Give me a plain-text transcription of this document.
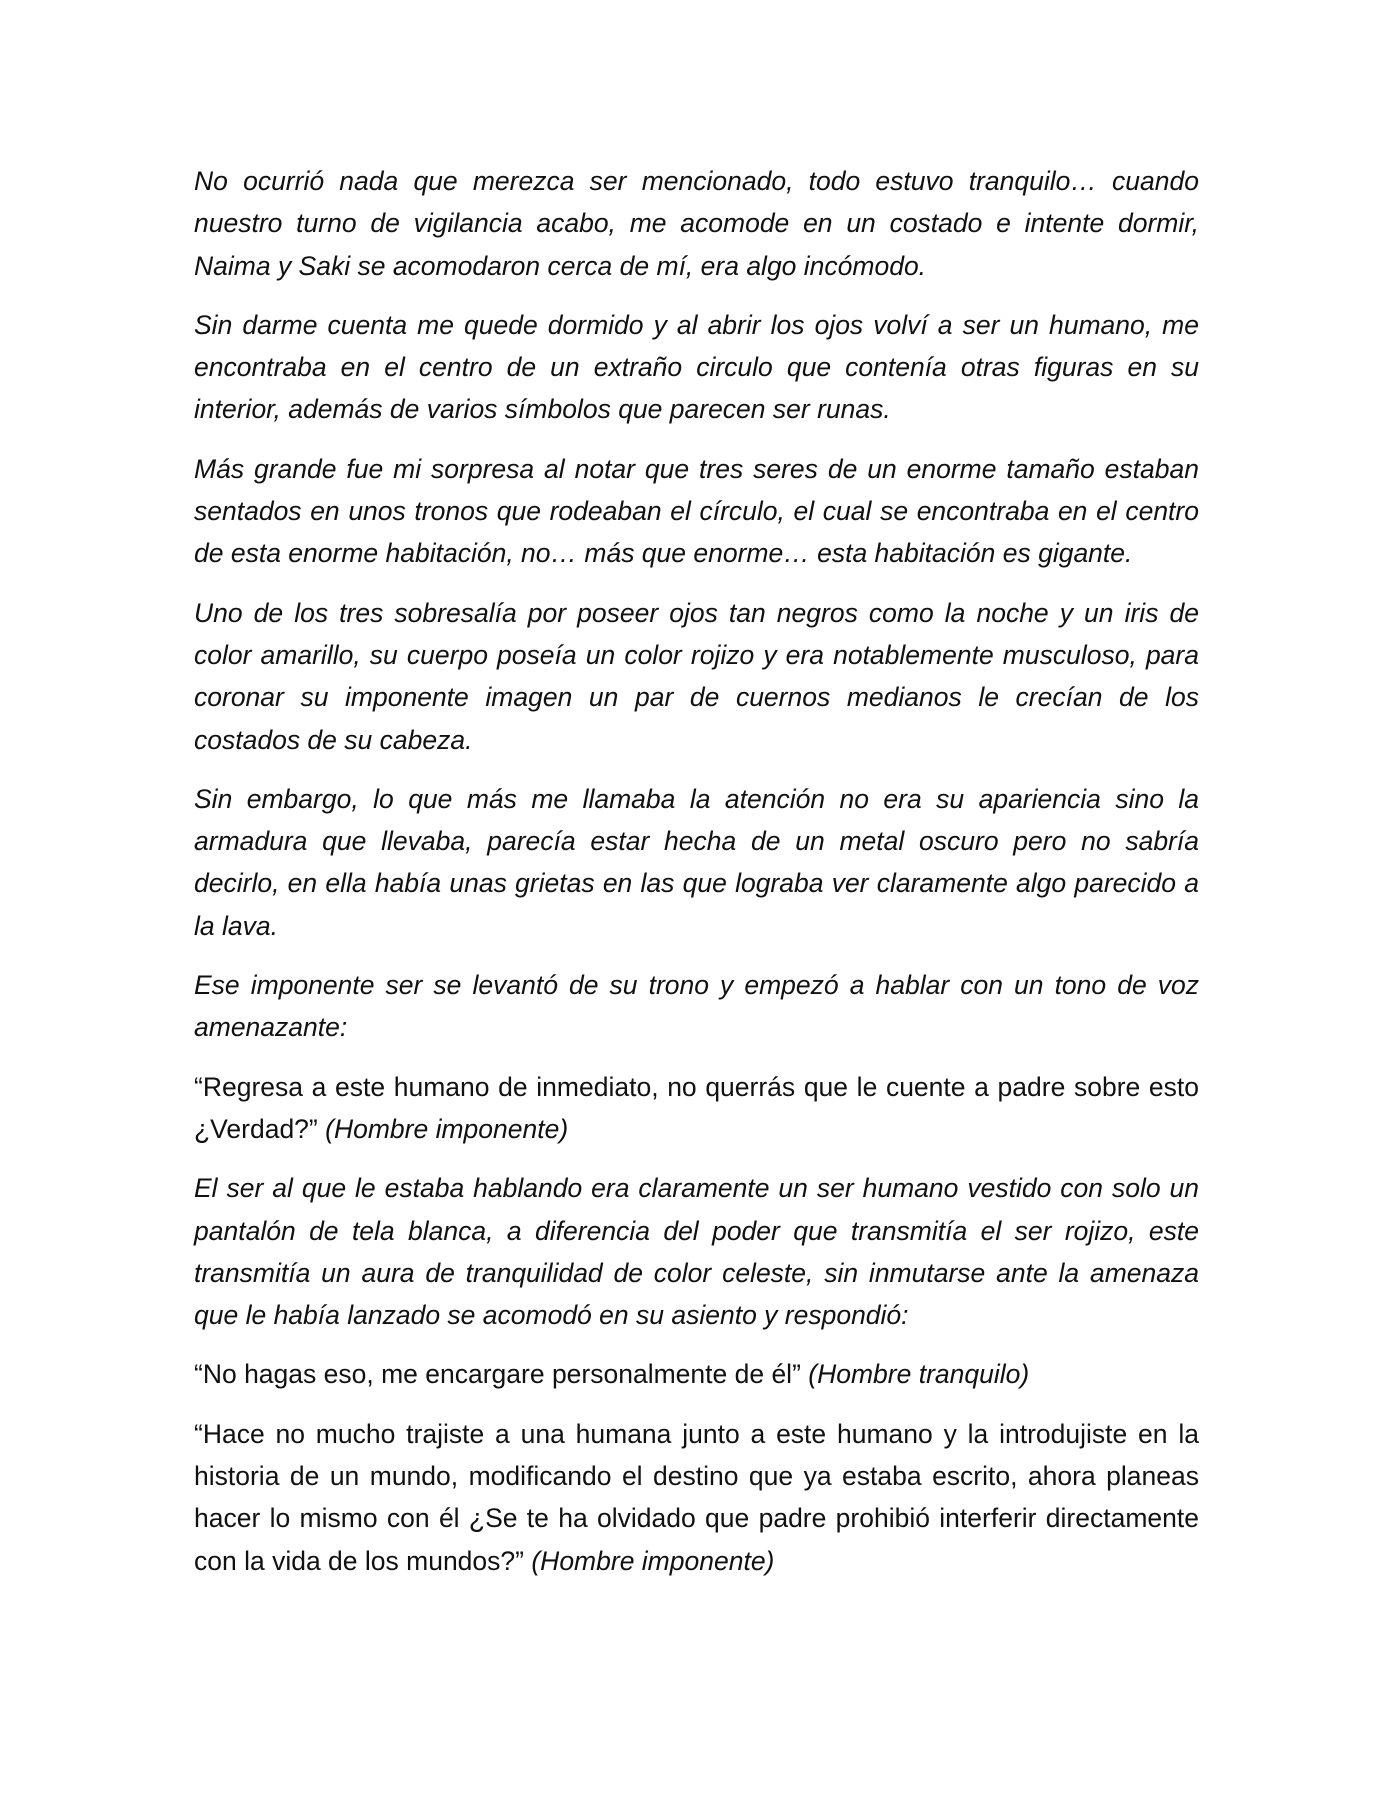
No ocurrió nada que merezca ser mencionado, todo estuvo tranquilo… cuando nuestro turno de vigilancia acabo, me acomode en un costado e intente dormir, Naima y Saki se acomodaron cerca de mí, era algo incómodo.

Sin darme cuenta me quede dormido y al abrir los ojos volví a ser un humano, me encontraba en el centro de un extraño circulo que contenía otras figuras en su interior, además de varios símbolos que parecen ser runas.

Más grande fue mi sorpresa al notar que tres seres de un enorme tamaño estaban sentados en unos tronos que rodeaban el círculo, el cual se encontraba en el centro de esta enorme habitación, no… más que enorme… esta habitación es gigante.

Uno de los tres sobresalía por poseer ojos tan negros como la noche y un iris de color amarillo, su cuerpo poseía un color rojizo y era notablemente musculoso, para coronar su imponente imagen un par de cuernos medianos le crecían de los costados de su cabeza.

Sin embargo, lo que más me llamaba la atención no era su apariencia sino la armadura que llevaba, parecía estar hecha de un metal oscuro pero no sabría decirlo, en ella había unas grietas en las que lograba ver claramente algo parecido a la lava.

Ese imponente ser se levantó de su trono y empezó a hablar con un tono de voz amenazante:

“Regresa a este humano de inmediato, no querrás que le cuente a padre sobre esto ¿Verdad?” (Hombre imponente)

El ser al que le estaba hablando era claramente un ser humano vestido con solo un pantalón de tela blanca, a diferencia del poder que transmitía el ser rojizo, este transmitía un aura de tranquilidad de color celeste, sin inmutarse ante la amenaza que le había lanzado se acomodó en su asiento y respondió:

“No hagas eso, me encargare personalmente de él” (Hombre tranquilo)

“Hace no mucho trajiste a una humana junto a este humano y la introdujiste en la historia de un mundo, modificando el destino que ya estaba escrito, ahora planeas hacer lo mismo con él ¿Se te ha olvidado que padre prohibió interferir directamente con la vida de los mundos?” (Hombre imponente)
